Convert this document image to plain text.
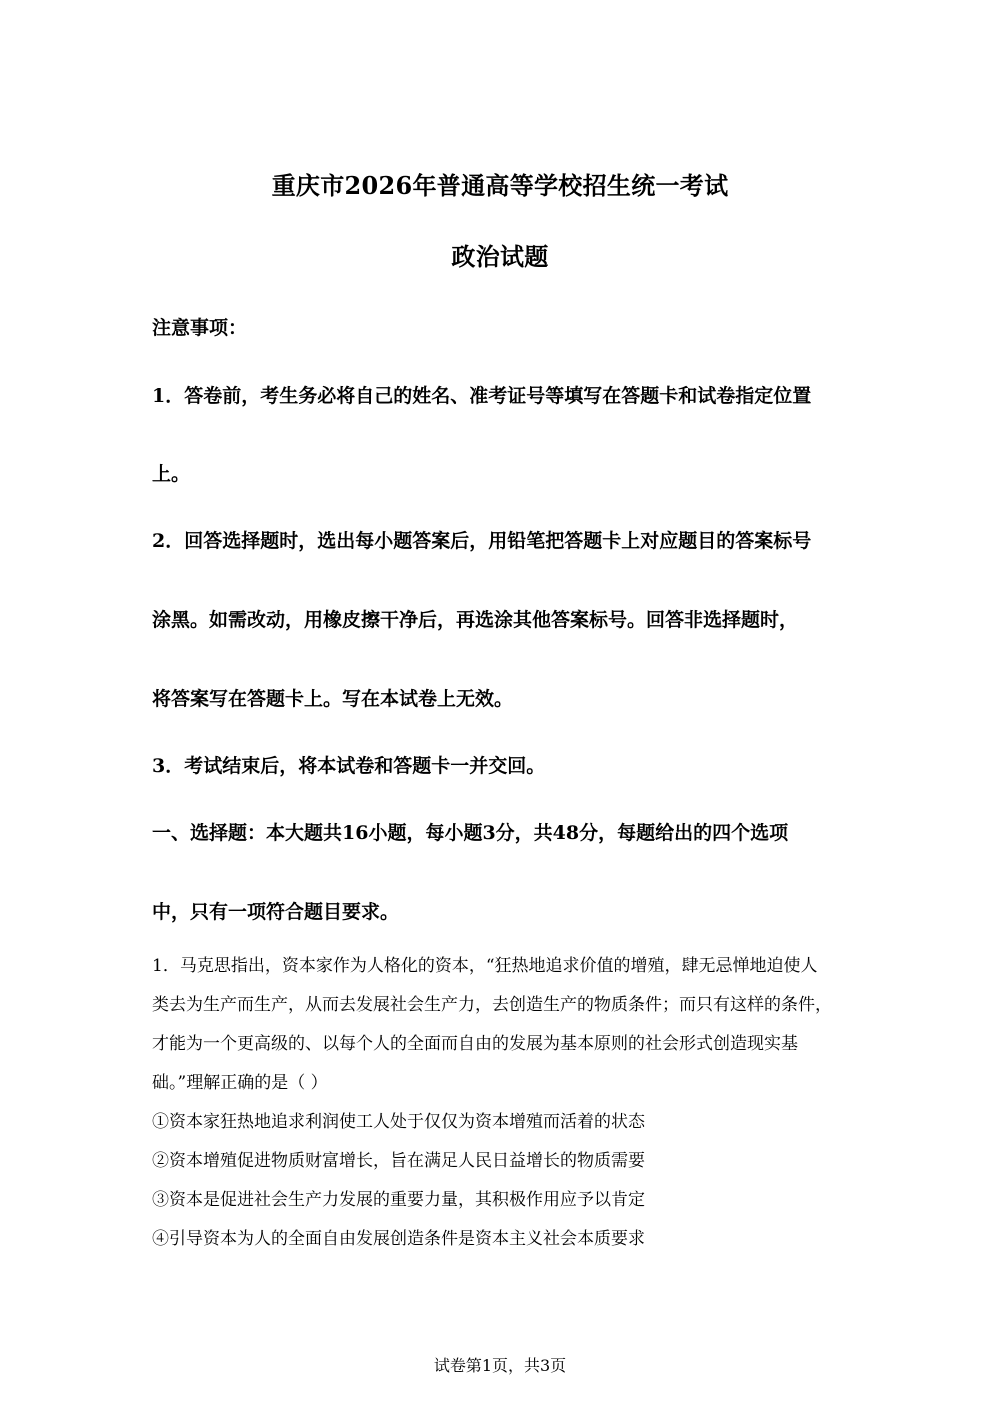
重庆市2026年普通高等学校招生统一考试
政治试题
注意事项：
1．答卷前，考生务必将自己的姓名、准考证号等填写在答题卡和试卷指定位置
上。
2．回答选择题时，选出每小题答案后，用铅笔把答题卡上对应题目的答案标号
涂黑。如需改动，用橡皮擦干净后，再选涂其他答案标号。回答非选择题时，
将答案写在答题卡上。写在本试卷上无效。
3．考试结束后，将本试卷和答题卡一并交回。
一、选择题：本大题共16小题，每小题3分，共48分，每题给出的四个选项
中，只有一项符合题目要求。
1．马克思指出，资本家作为人格化的资本，“狂热地追求价值的增殖，肆无忌惮地迫使人
类去为生产而生产，从而去发展社会生产力，去创造生产的物质条件；而只有这样的条件，
才能为一个更高级的、以每个人的全面而自由的发展为基本原则的社会形式创造现实基
础。”理解正确的是（ ）
①资本家狂热地追求利润使工人处于仅仅为资本增殖而活着的状态
②资本增殖促进物质财富增长，旨在满足人民日益增长的物质需要
③资本是促进社会生产力发展的重要力量，其积极作用应予以肯定
④引导资本为人的全面自由发展创造条件是资本主义社会本质要求
试卷第1页，共3页
